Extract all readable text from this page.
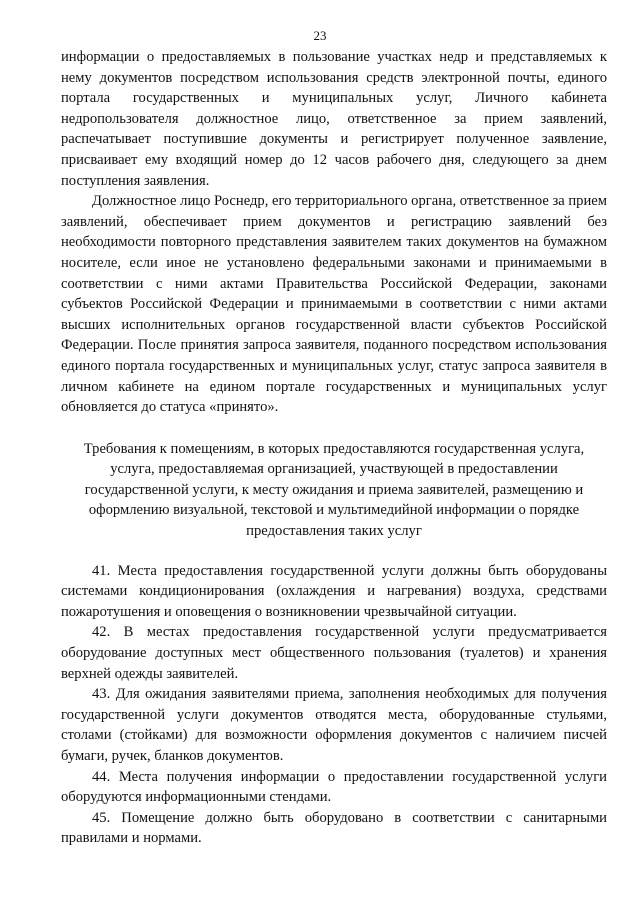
23

информации о предоставляемых в пользование участках недр и представляемых к нему документов посредством использования средств электронной почты, единого портала государственных и муниципальных услуг, Личного кабинета недропользователя должностное лицо, ответственное за прием заявлений, распечатывает поступившие документы и регистрирует полученное заявление, присваивает ему входящий номер до 12 часов рабочего дня, следующего за днем поступления заявления.

Должностное лицо Роснедр, его территориального органа, ответственное за прием заявлений, обеспечивает прием документов и регистрацию заявлений без необходимости повторного представления заявителем таких документов на бумажном носителе, если иное не установлено федеральными законами и принимаемыми в соответствии с ними актами Правительства Российской Федерации, законами субъектов Российской Федерации и принимаемыми в соответствии с ними актами высших исполнительных органов государственной власти субъектов Российской Федерации. После принятия запроса заявителя, поданного посредством использования единого портала государственных и муниципальных услуг, статус запроса заявителя в личном кабинете на едином портале государственных и муниципальных услуг обновляется до статуса «принято».

Требования к помещениям, в которых предоставляются государственная услуга,
услуга, предоставляемая организацией, участвующей в предоставлении
государственной услуги, к месту ожидания и приема заявителей, размещению и
оформлению визуальной, текстовой и мультимедийной информации о порядке
предоставления таких услуг

41. Места предоставления государственной услуги должны быть оборудованы системами кондиционирования (охлаждения и нагревания) воздуха, средствами пожаротушения и оповещения о возникновении чрезвычайной ситуации.

42. В местах предоставления государственной услуги предусматривается оборудование доступных мест общественного пользования (туалетов) и хранения верхней одежды заявителей.

43. Для ожидания заявителями приема, заполнения необходимых для получения государственной услуги документов отводятся места, оборудованные стульями, столами (стойками) для возможности оформления документов с наличием писчей бумаги, ручек, бланков документов.

44. Места получения информации о предоставлении государственной услуги оборудуются информационными стендами.

45. Помещение должно быть оборудовано в соответствии с санитарными правилами и нормами.
